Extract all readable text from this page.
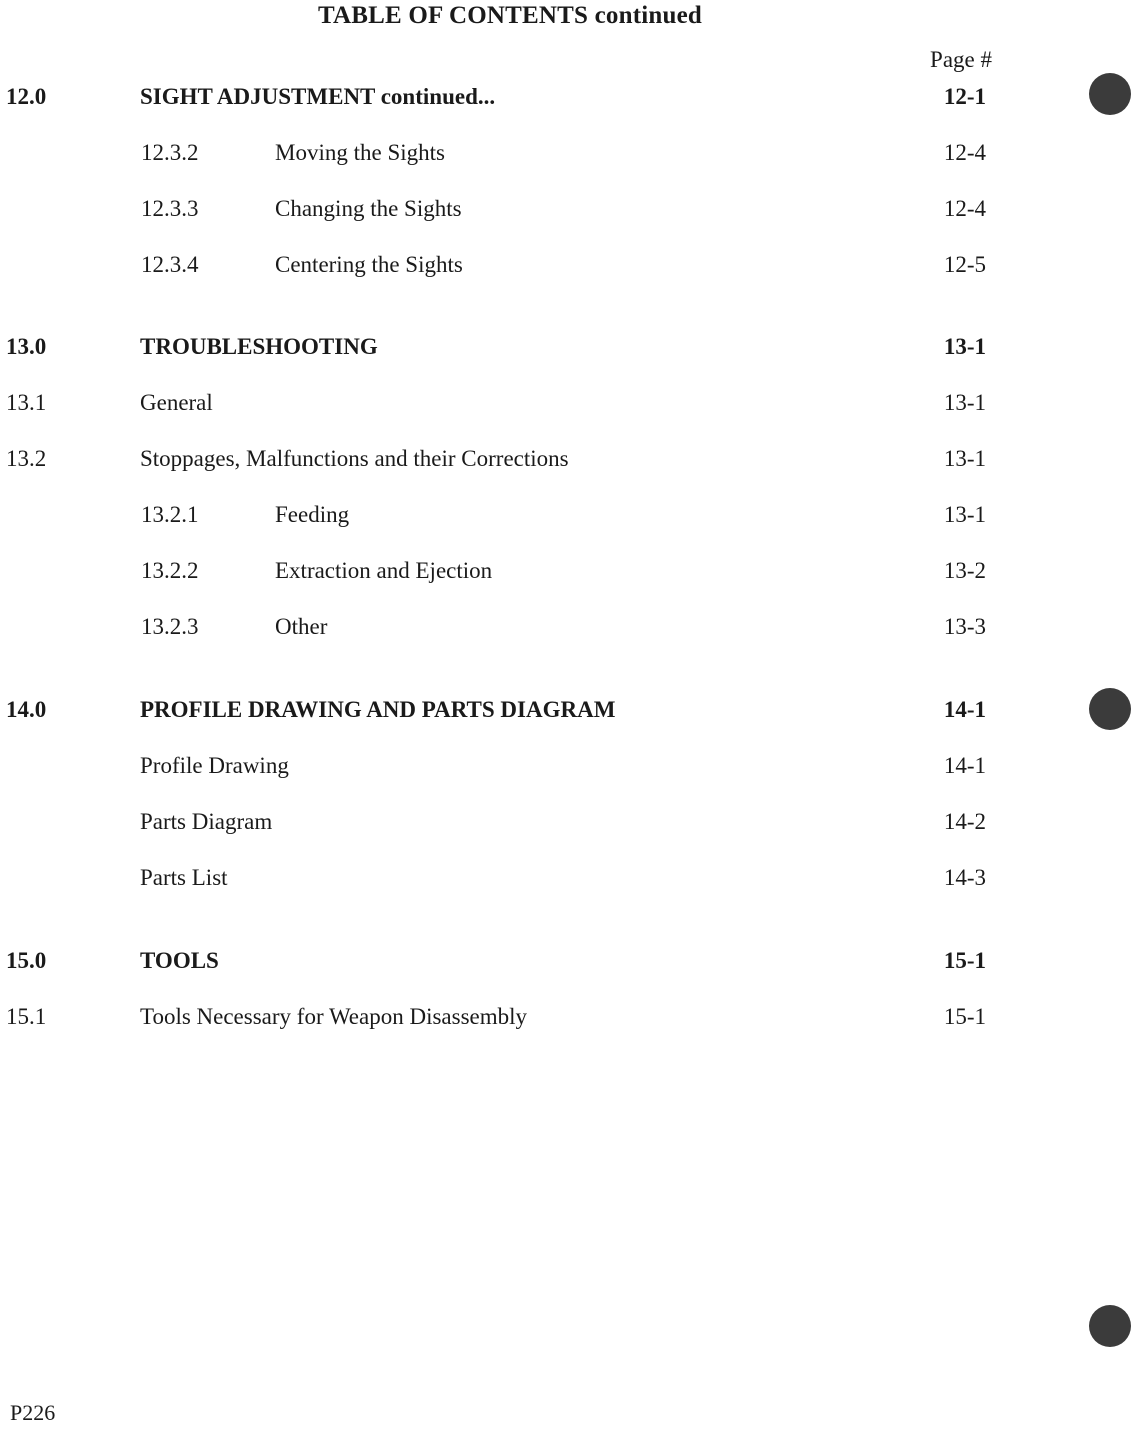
TABLE OF CONTENTS continued
Page #
12.0	SIGHT ADJUSTMENT continued...	12-1
12.3.2	Moving the Sights	12-4
12.3.3	Changing the Sights	12-4
12.3.4	Centering the Sights	12-5
13.0	TROUBLESHOOTING	13-1
13.1	General	13-1
13.2	Stoppages, Malfunctions and their Corrections	13-1
13.2.1	Feeding	13-1
13.2.2	Extraction and Ejection	13-2
13.2.3	Other	13-3
14.0	PROFILE DRAWING AND PARTS DIAGRAM	14-1
Profile Drawing	14-1
Parts Diagram	14-2
Parts List	14-3
15.0	TOOLS	15-1
15.1	Tools Necessary for Weapon Disassembly	15-1
P226
